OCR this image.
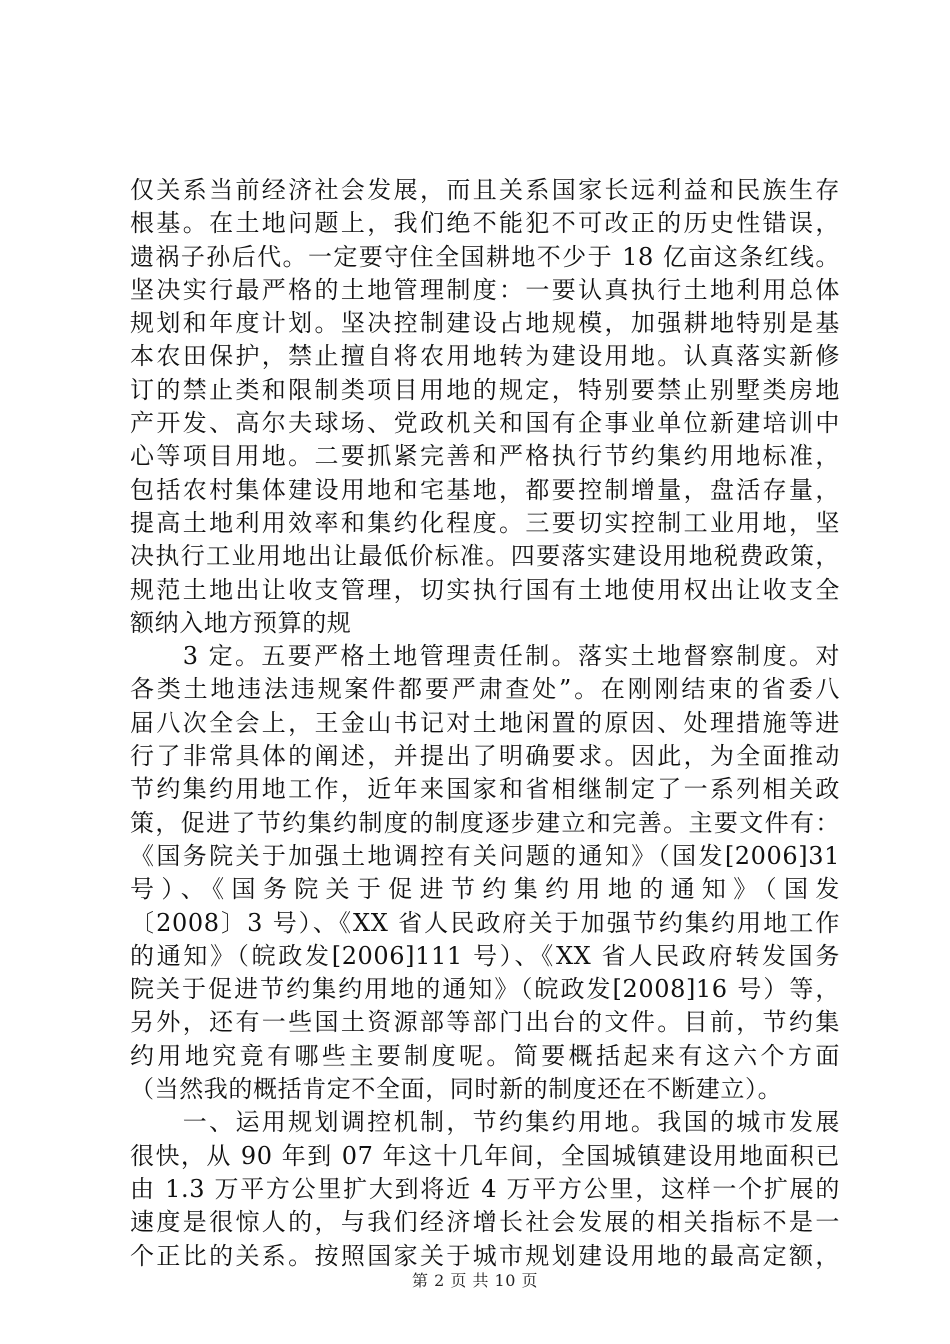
仅关系当前经济社会发展，而且关系国家长远利益和民族生存
根基。在土地问题上，我们绝不能犯不可改正的历史性错误，
遗祸子孙后代。一定要守住全国耕地不少于 18 亿亩这条红线。
坚决实行最严格的土地管理制度：一要认真执行土地利用总体
规划和年度计划。坚决控制建设占地规模，加强耕地特别是基
本农田保护，禁止擅自将农用地转为建设用地。认真落实新修
订的禁止类和限制类项目用地的规定，特别要禁止别墅类房地
产开发、高尔夫球场、党政机关和国有企事业单位新建培训中
心等项目用地。二要抓紧完善和严格执行节约集约用地标准，
包括农村集体建设用地和宅基地，都要控制增量，盘活存量，
提高土地利用效率和集约化程度。三要切实控制工业用地，坚
决执行工业用地出让最低价标准。四要落实建设用地税费政策，
规范土地出让收支管理，切实执行国有土地使用权出让收支全
额纳入地方预算的规
　　3 定。五要严格土地管理责任制。落实土地督察制度。对
各类土地违法违规案件都要严肃查处”。在刚刚结束的省委八
届八次全会上，王金山书记对土地闲置的原因、处理措施等进
行了非常具体的阐述，并提出了明确要求。因此，为全面推动
节约集约用地工作，近年来国家和省相继制定了一系列相关政
策，促进了节约集约制度的制度逐步建立和完善。主要文件有：
《国务院关于加强土地调控有关问题的通知》（国发[2006]31
号）、《国务院关于促进节约集约用地的通知》（国发
〔2008〕3 号）、《XX 省人民政府关于加强节约集约用地工作
的通知》（皖政发[2006]111 号）、《XX 省人民政府转发国务
院关于促进节约集约用地的通知》（皖政发[2008]16 号）等，
另外，还有一些国土资源部等部门出台的文件。目前，节约集
约用地究竟有哪些主要制度呢。简要概括起来有这六个方面
（当然我的概括肯定不全面，同时新的制度还在不断建立）。
　　一、运用规划调控机制，节约集约用地。我国的城市发展
很快，从 90 年到 07 年这十几年间，全国城镇建设用地面积已
由 1.3 万平方公里扩大到将近 4 万平方公里，这样一个扩展的
速度是很惊人的，与我们经济增长社会发展的相关指标不是一
个正比的关系。按照国家关于城市规划建设用地的最高定额，
第 2 页 共 10 页
